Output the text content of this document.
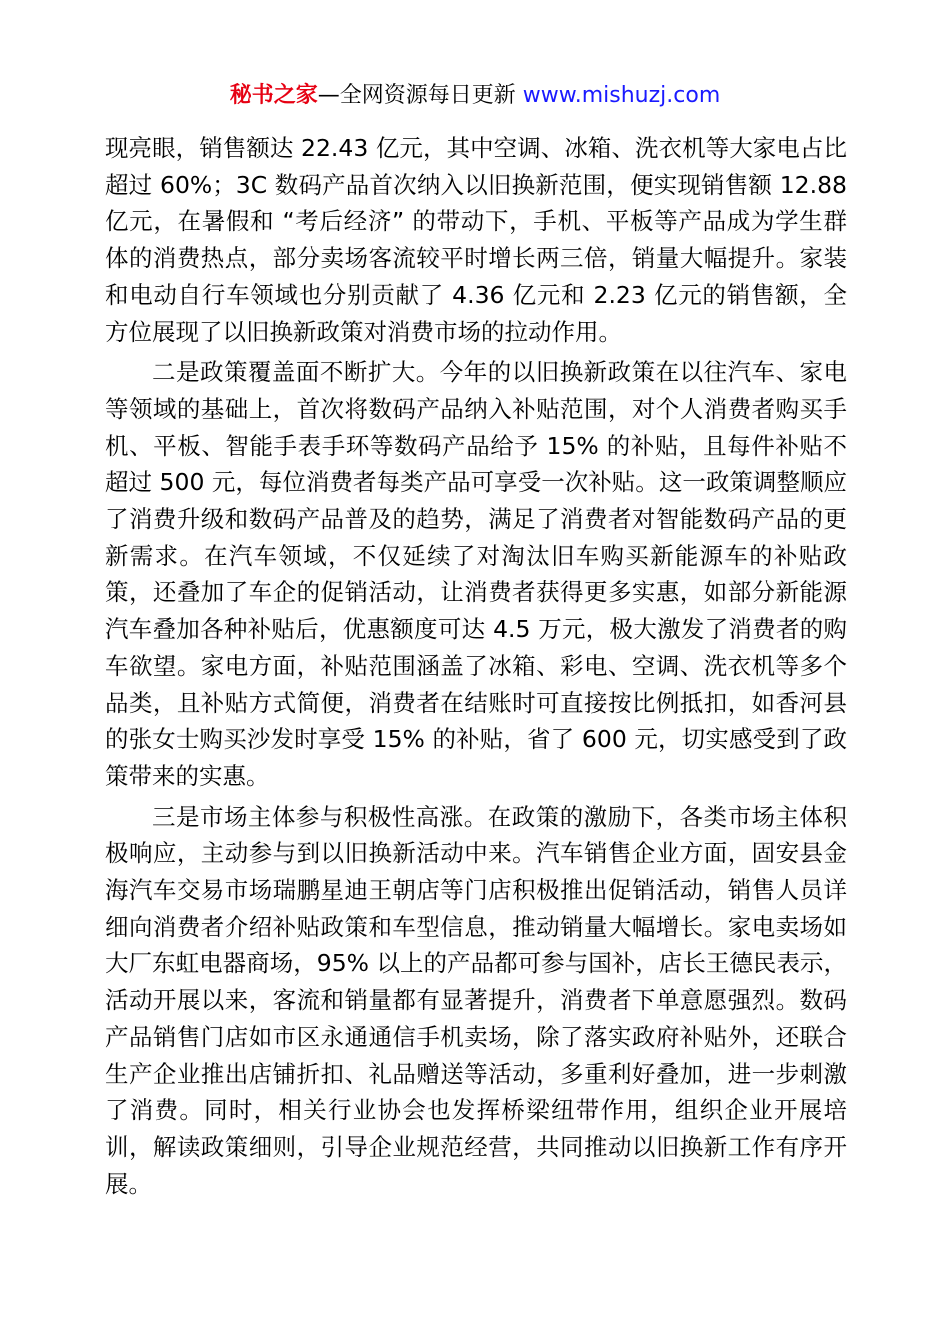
秘书之家—全网资源每日更新 www.mishuzj.com

现亮眼，销售额达 22.43 亿元，其中空调、冰箱、洗衣机等大家电占比超过 60%；3C 数码产品首次纳入以旧换新范围，便实现销售额 12.88 亿元，在暑假和 “考后经济” 的带动下，手机、平板等产品成为学生群体的消费热点，部分卖场客流较平时增长两三倍，销量大幅提升。家装和电动自行车领域也分别贡献了 4.36 亿元和 2.23 亿元的销售额，全方位展现了以旧换新政策对消费市场的拉动作用。

二是政策覆盖面不断扩大。今年的以旧换新政策在以往汽车、家电等领域的基础上，首次将数码产品纳入补贴范围，对个人消费者购买手机、平板、智能手表手环等数码产品给予 15% 的补贴，且每件补贴不超过 500 元，每位消费者每类产品可享受一次补贴。这一政策调整顺应了消费升级和数码产品普及的趋势，满足了消费者对智能数码产品的更新需求。在汽车领域，不仅延续了对淘汰旧车购买新能源车的补贴政策，还叠加了车企的促销活动，让消费者获得更多实惠，如部分新能源汽车叠加各种补贴后，优惠额度可达 4.5 万元，极大激发了消费者的购车欲望。家电方面，补贴范围涵盖了冰箱、彩电、空调、洗衣机等多个品类，且补贴方式简便，消费者在结账时可直接按比例抵扣，如香河县的张女士购买沙发时享受 15% 的补贴，省了 600 元，切实感受到了政策带来的实惠。

三是市场主体参与积极性高涨。在政策的激励下，各类市场主体积极响应，主动参与到以旧换新活动中来。汽车销售企业方面，固安县金海汽车交易市场瑞鹏星迪王朝店等门店积极推出促销活动，销售人员详细向消费者介绍补贴政策和车型信息，推动销量大幅增长。家电卖场如大厂东虹电器商场，95% 以上的产品都可参与国补，店长王德民表示，活动开展以来，客流和销量都有显著提升，消费者下单意愿强烈。数码产品销售门店如市区永通通信手机卖场，除了落实政府补贴外，还联合生产企业推出店铺折扣、礼品赠送等活动，多重利好叠加，进一步刺激了消费。同时，相关行业协会也发挥桥梁纽带作用，组织企业开展培训，解读政策细则，引导企业规范经营，共同推动以旧换新工作有序开展。
